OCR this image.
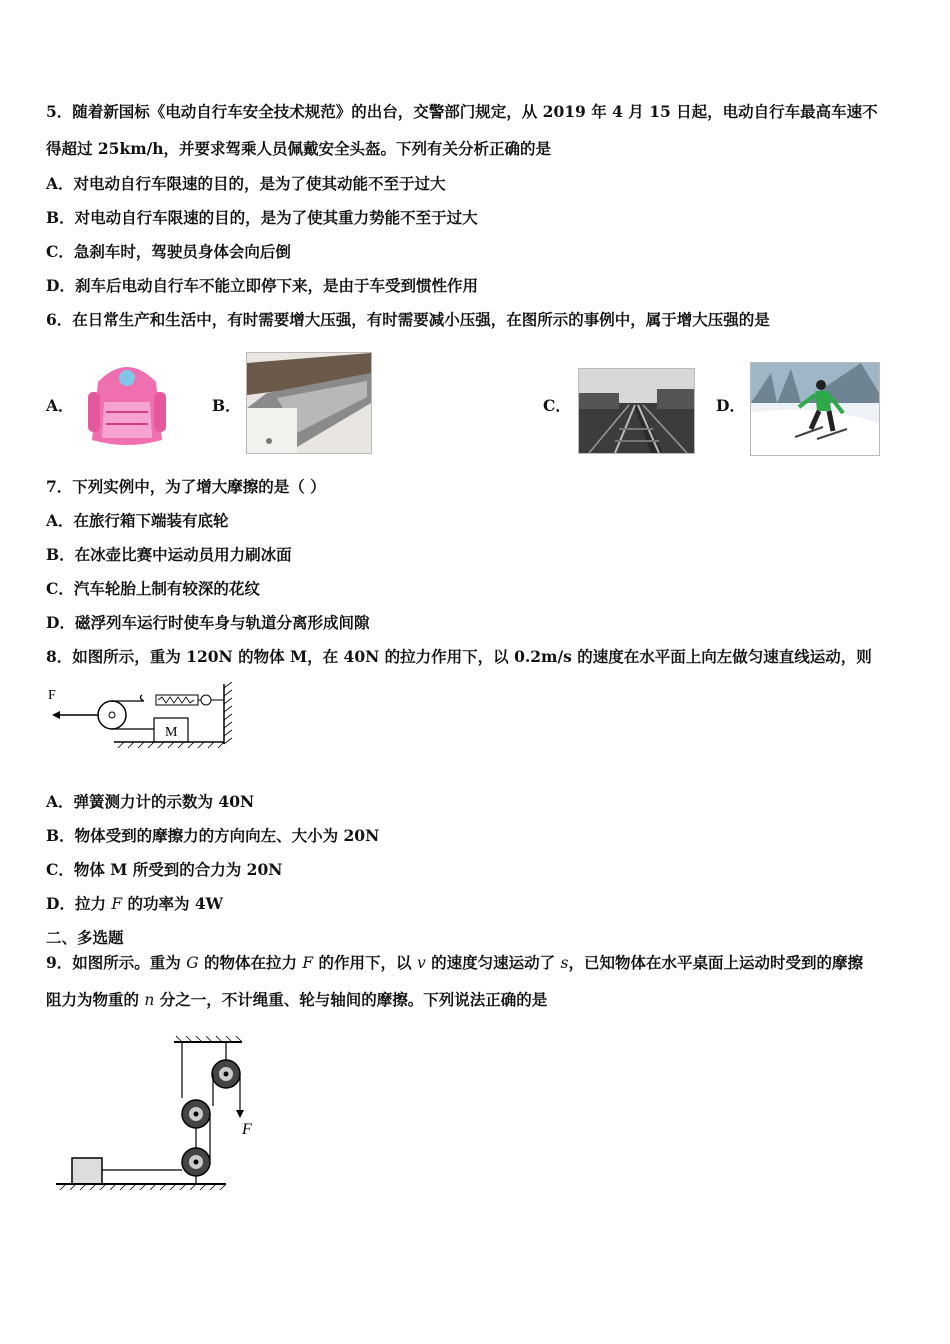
5．随着新国标《电动自行车安全技术规范》的出台，交警部门规定，从 2019 年 4 月 15 日起，电动自行车最高车速不
得超过 25km/h，并要求驾乘人员佩戴安全头盔。下列有关分析正确的是
A．对电动自行车限速的目的，是为了使其动能不至于过大
B．对电动自行车限速的目的，是为了使其重力势能不至于过大
C．急刹车时，驾驶员身体会向后倒
D．刹车后电动自行车不能立即停下来，是由于车受到惯性作用
6．在日常生产和生活中，有时需要增大压强，有时需要减小压强，在图所示的事例中，属于增大压强的是
A．	B．	C．	D．
7．下列实例中，为了增大摩擦的是（ ）
A．在旅行箱下端装有底轮
B．在冰壶比赛中运动员用力刷冰面
C．汽车轮胎上制有较深的花纹
D．磁浮列车运行时使车身与轨道分离形成间隙
8．如图所示，重为 120N 的物体 M，在 40N 的拉力作用下，以 0.2m/s 的速度在水平面上向左做匀速直线运动，则
F
M
A．弹簧测力计的示数为 40N
B．物体受到的摩擦力的方向向左、大小为 20N
C．物体 M 所受到的合力为 20N
D．拉力 F 的功率为 4W
二、多选题
9．如图所示。重为 G 的物体在拉力 F 的作用下，以 v 的速度匀速运动了 s，已知物体在水平桌面上运动时受到的摩擦
阻力为物重的 n 分之一，不计绳重、轮与轴间的摩擦。下列说法正确的是
F
